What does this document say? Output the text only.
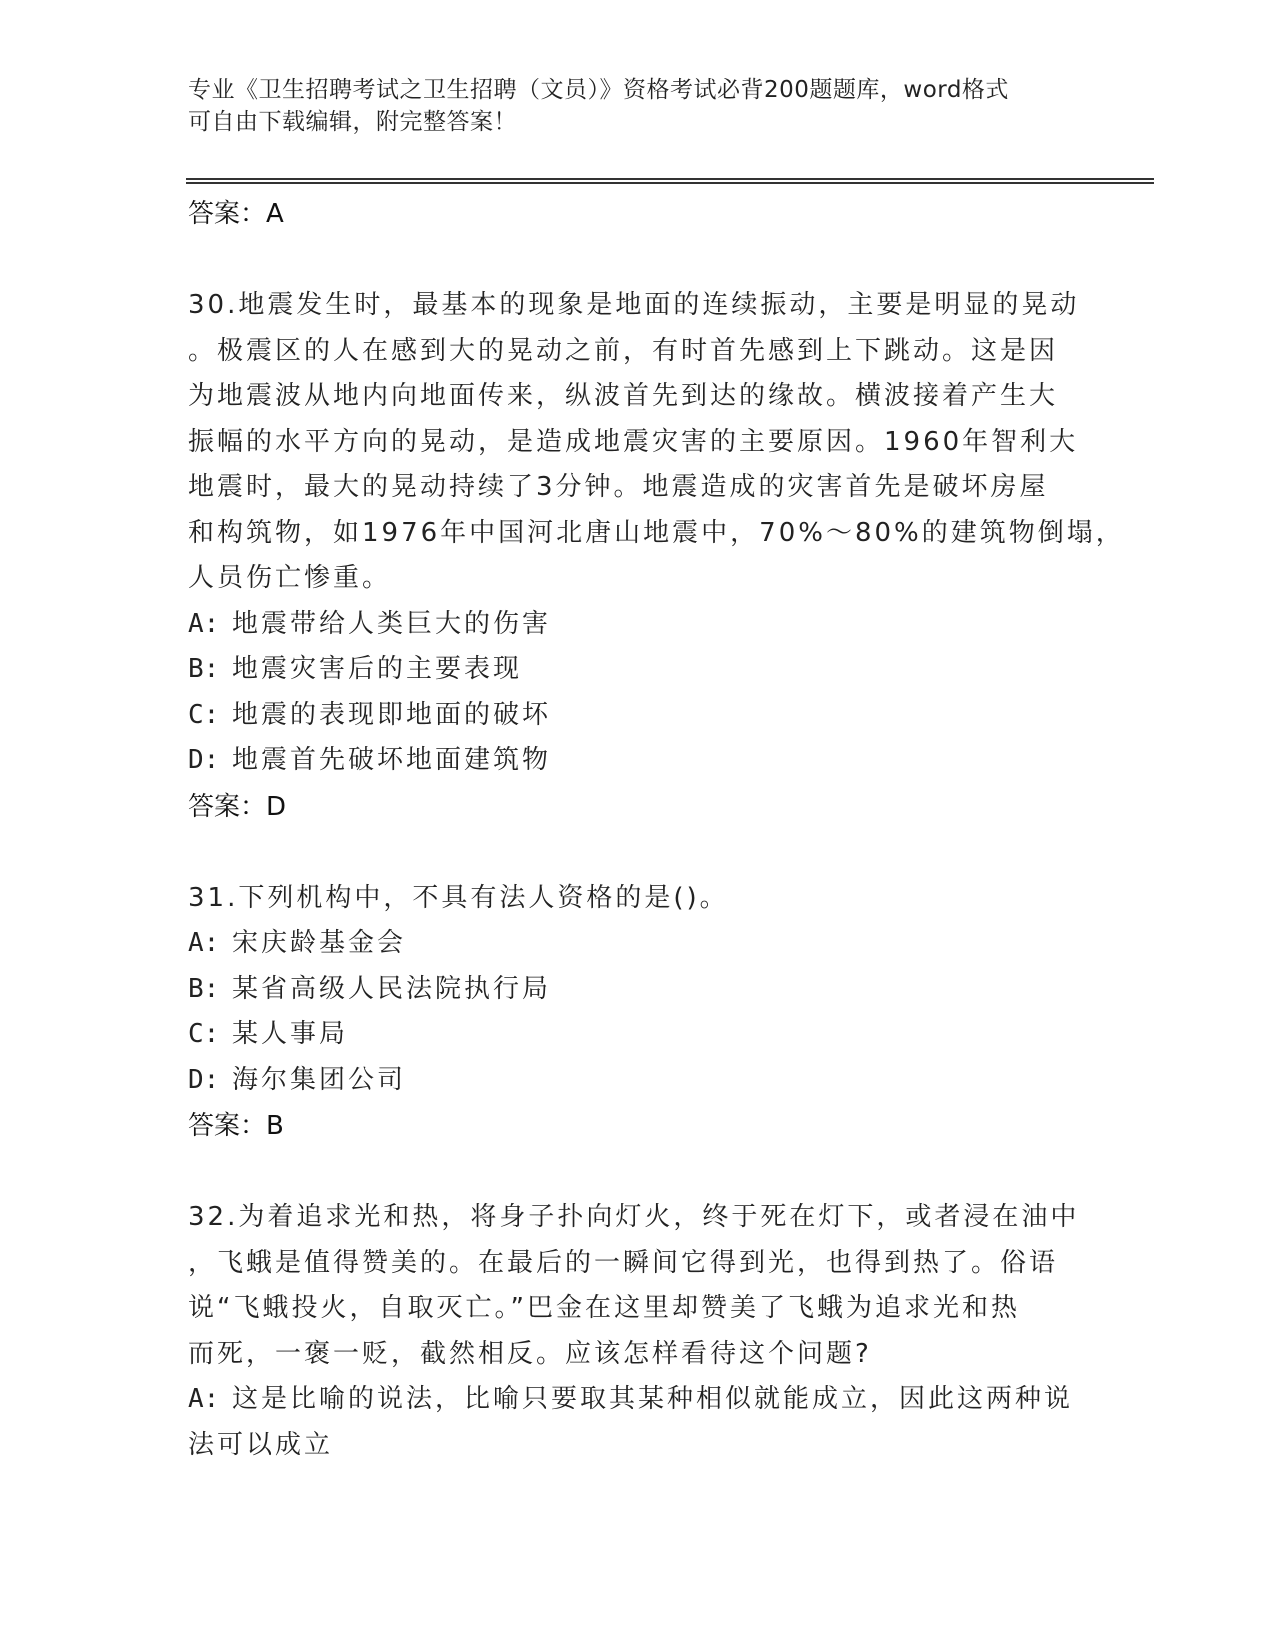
专业《卫生招聘考试之卫生招聘（文员）》资格考试必背200题题库，word格式
可自由下载编辑，附完整答案！
答案：A
30.地震发生时，最基本的现象是地面的连续振动，主要是明显的晃动
。极震区的人在感到大的晃动之前，有时首先感到上下跳动。这是因
为地震波从地内向地面传来，纵波首先到达的缘故。横波接着产生大
振幅的水平方向的晃动，是造成地震灾害的主要原因。1960年智利大
地震时，最大的晃动持续了3分钟。地震造成的灾害首先是破坏房屋
和构筑物，如1976年中国河北唐山地震中，70%～80%的建筑物倒塌，
人员伤亡惨重。
A: 地震带给人类巨大的伤害
B: 地震灾害后的主要表现
C: 地震的表现即地面的破坏
D: 地震首先破坏地面建筑物
答案：D
31.下列机构中，不具有法人资格的是()。
A: 宋庆龄基金会
B: 某省高级人民法院执行局
C: 某人事局
D: 海尔集团公司
答案：B
32.为着追求光和热，将身子扑向灯火，终于死在灯下，或者浸在油中
，飞蛾是值得赞美的。在最后的一瞬间它得到光，也得到热了。俗语
说“飞蛾投火，自取灭亡。”巴金在这里却赞美了飞蛾为追求光和热
而死，一褒一贬，截然相反。应该怎样看待这个问题?
A: 这是比喻的说法，比喻只要取其某种相似就能成立，因此这两种说
法可以成立
